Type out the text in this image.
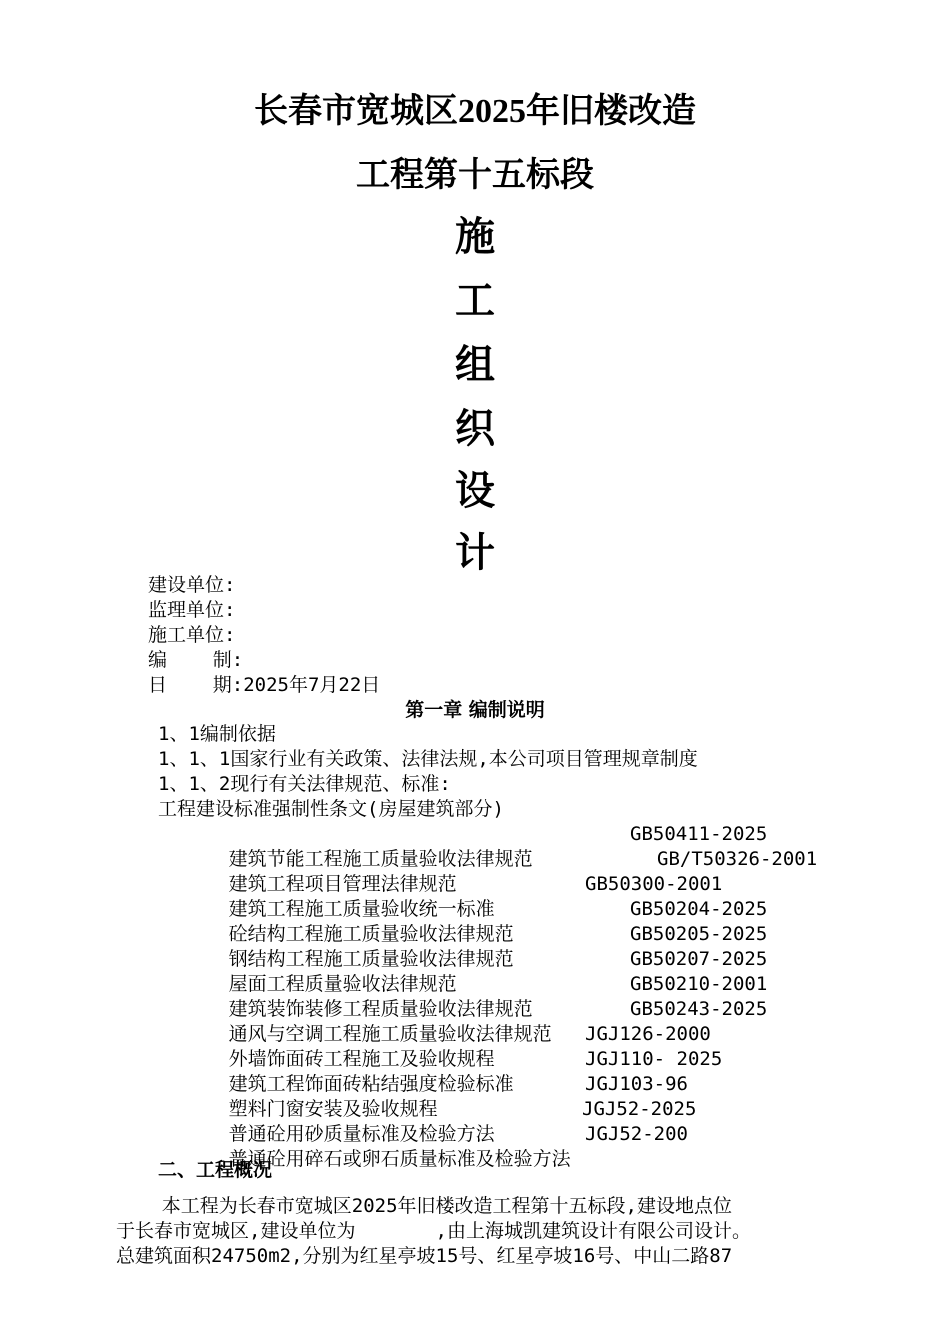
长春市宽城区2025年旧楼改造
工程第十五标段
施
工
组
织
设
计
建设单位:
监理单位:
施工单位:
编    制:
日    期:2025年7月22日
第一章 编制说明
1、1编制依据
1、1、1国家行业有关政策、法律法规,本公司项目管理规章制度
1、1、2现行有关法律规范、标准:
工程建设标准强制性条文(房屋建筑部分)

建筑节能工程施工质量验收法律规范

GB50411-2025

建筑工程项目管理法律规范

GB/T50326-2001

建筑工程施工质量验收统一标准

GB50300-2001

砼结构工程施工质量验收法律规范

GB50204-2025

钢结构工程施工质量验收法律规范

GB50205-2025

屋面工程质量验收法律规范

GB50207-2025

建筑装饰装修工程质量验收法律规范

GB50210-2001

通风与空调工程施工质量验收法律规范

GB50243-2025

外墙饰面砖工程施工及验收规程

JGJ126-2000

建筑工程饰面砖粘结强度检验标准

JGJ110- 2025

塑料门窗安装及验收规程

JGJ103-96

普通砼用砂质量标准及检验方法

JGJ52-2025

普通砼用碎石或卵石质量标准及检验方法

JGJ52-200

二、工程概况
本工程为长春市宽城区2025年旧楼改造工程第十五标段,建设地点位
于长春市宽城区,建设单位为       ,由上海城凯建筑设计有限公司设计。
总建筑面积24750m2,分别为红星亭坡15号、红星亭坡16号、中山二路87
